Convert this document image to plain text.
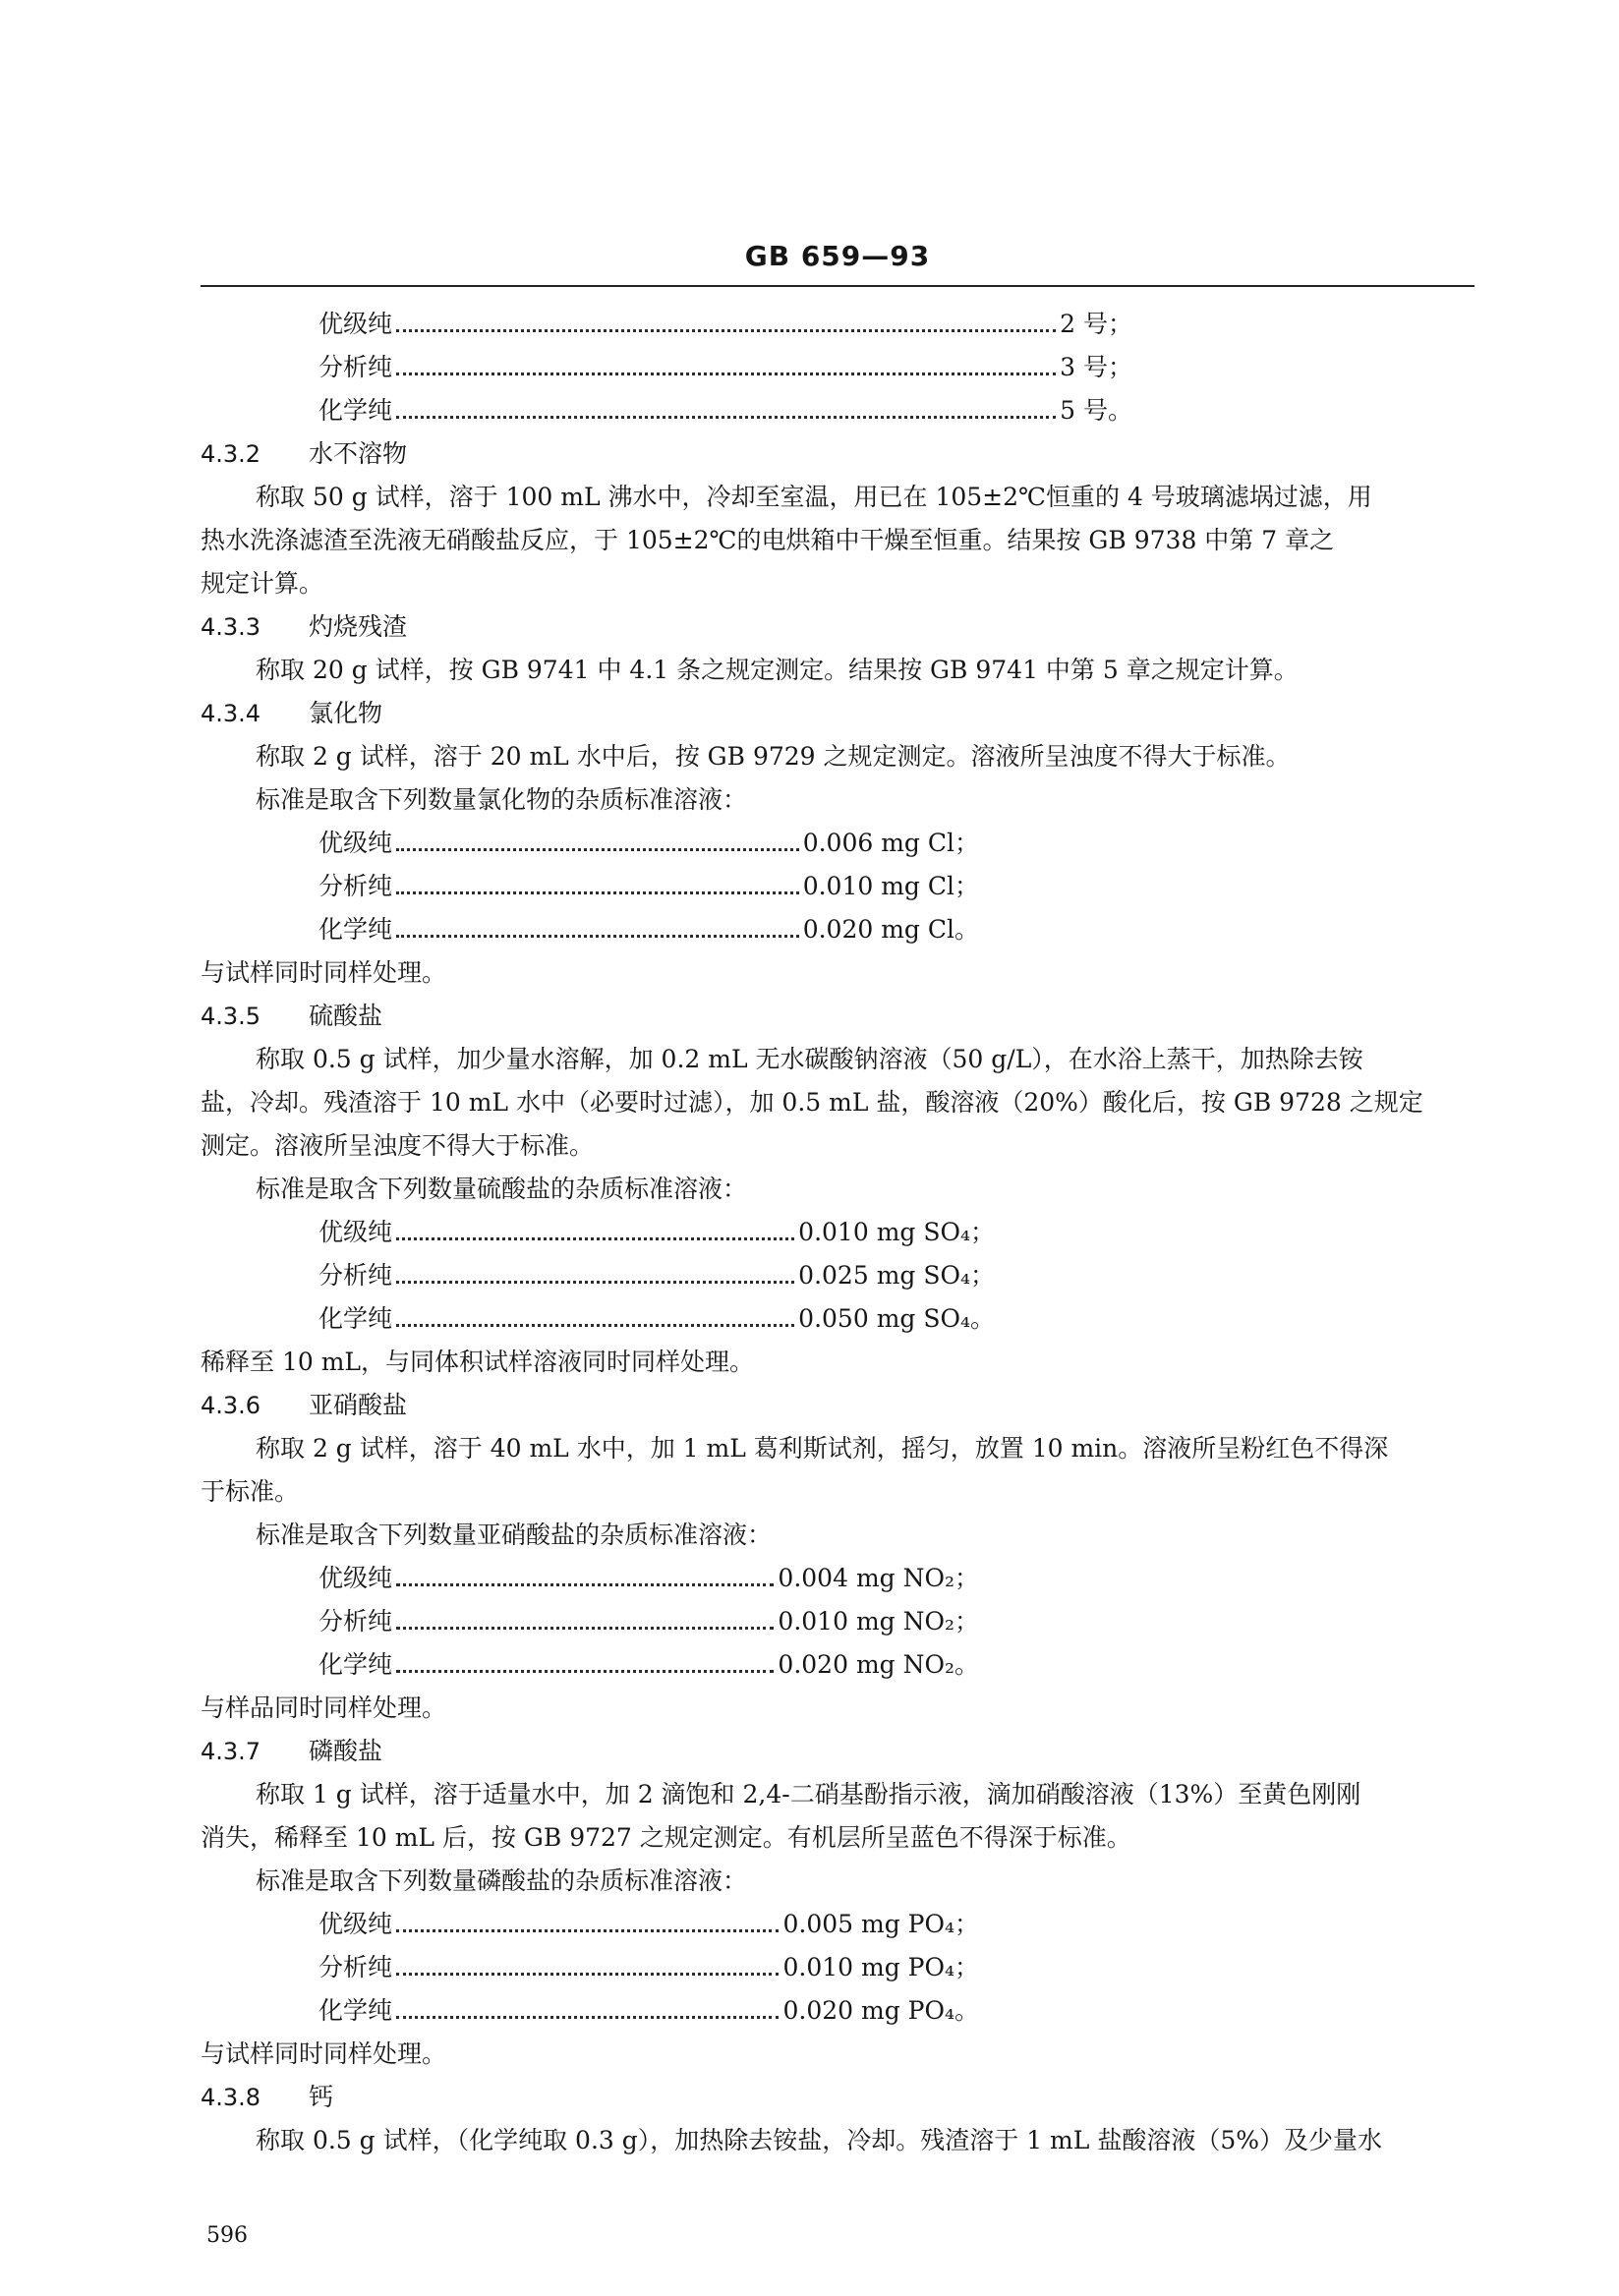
GB 659—93
优级纯	2 号；
分析纯	3 号；
化学纯	5 号。
4.3.2 水不溶物
称取 50 g 试样，溶于 100 mL 沸水中，冷却至室温，用已在 105±2℃恒重的 4 号玻璃滤埚过滤，用
热水洗涤滤渣至洗液无硝酸盐反应，于 105±2℃的电烘箱中干燥至恒重。结果按 GB 9738 中第 7 章之
规定计算。
4.3.3 灼烧残渣
称取 20 g 试样，按 GB 9741 中 4.1 条之规定测定。结果按 GB 9741 中第 5 章之规定计算。
4.3.4 氯化物
称取 2 g 试样，溶于 20 mL 水中后，按 GB 9729 之规定测定。溶液所呈浊度不得大于标准。
标准是取含下列数量氯化物的杂质标准溶液：
优级纯	0.006 mg Cl；
分析纯	0.010 mg Cl；
化学纯	0.020 mg Cl。
与试样同时同样处理。
4.3.5 硫酸盐
称取 0.5 g 试样，加少量水溶解，加 0.2 mL 无水碳酸钠溶液（50 g/L），在水浴上蒸干，加热除去铵
盐，冷却。残渣溶于 10 mL 水中（必要时过滤），加 0.5 mL 盐，酸溶液（20%）酸化后，按 GB 9728 之规定
测定。溶液所呈浊度不得大于标准。
标准是取含下列数量硫酸盐的杂质标准溶液：
优级纯	0.010 mg SO₄；
分析纯	0.025 mg SO₄；
化学纯	0.050 mg SO₄。
稀释至 10 mL，与同体积试样溶液同时同样处理。
4.3.6 亚硝酸盐
称取 2 g 试样，溶于 40 mL 水中，加 1 mL 葛利斯试剂，摇匀，放置 10 min。溶液所呈粉红色不得深
于标准。
标准是取含下列数量亚硝酸盐的杂质标准溶液：
优级纯	0.004 mg NO₂；
分析纯	0.010 mg NO₂；
化学纯	0.020 mg NO₂。
与样品同时同样处理。
4.3.7 磷酸盐
称取 1 g 试样，溶于适量水中，加 2 滴饱和 2,4-二硝基酚指示液，滴加硝酸溶液（13%）至黄色刚刚
消失，稀释至 10 mL 后，按 GB 9727 之规定测定。有机层所呈蓝色不得深于标准。
标准是取含下列数量磷酸盐的杂质标准溶液：
优级纯	0.005 mg PO₄；
分析纯	0.010 mg PO₄；
化学纯	0.020 mg PO₄。
与试样同时同样处理。
4.3.8 钙
称取 0.5 g 试样，（化学纯取 0.3 g），加热除去铵盐，冷却。残渣溶于 1 mL 盐酸溶液（5%）及少量水
596
